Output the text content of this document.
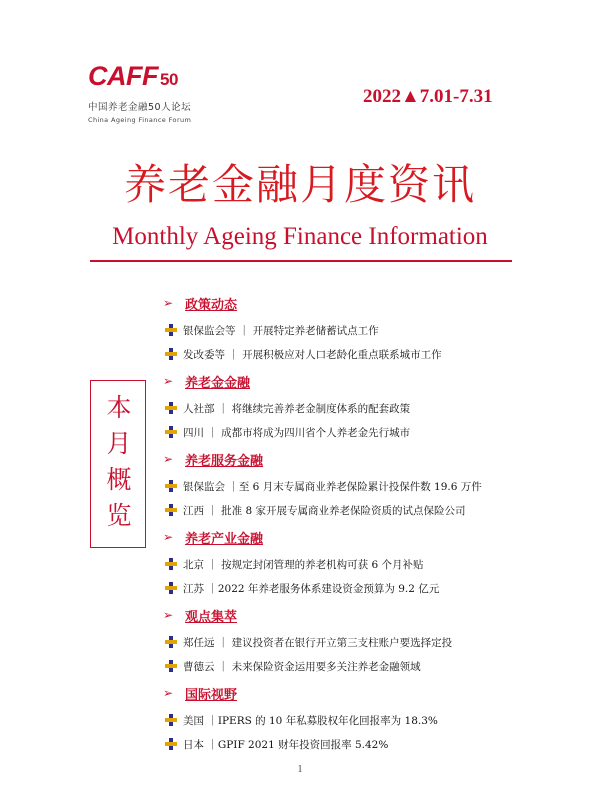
CAFF 50
中国养老金融50人论坛
China Ageing Finance Forum
2022▲7.01-7.31
养老金融月度资讯
Monthly Ageing Finance Information
本
月
概
览
➢ 政策动态
银保监会等 ｜ 开展特定养老储蓄试点工作
发改委等 ｜ 开展积极应对人口老龄化重点联系城市工作
➢ 养老金金融
人社部 ｜ 将继续完善养老金制度体系的配套政策
四川 ｜ 成都市将成为四川省个人养老金先行城市
➢ 养老服务金融
银保监会 ｜至 6 月末专属商业养老保险累计投保件数 19.6 万件
江西 ｜ 批准 8 家开展专属商业养老保险资质的试点保险公司
➢ 养老产业金融
北京 ｜ 按规定封闭管理的养老机构可获 6 个月补贴
江苏 ｜2022 年养老服务体系建设资金预算为 9.2 亿元
➢ 观点集萃
郑任远 ｜ 建议投资者在银行开立第三支柱账户要选择定投
曹德云 ｜ 未来保险资金运用要多关注养老金融领域
➢ 国际视野
美国 ｜IPERS 的 10 年私募股权年化回报率为 18.3%
日本 ｜GPIF 2021 财年投资回报率 5.42%
1
